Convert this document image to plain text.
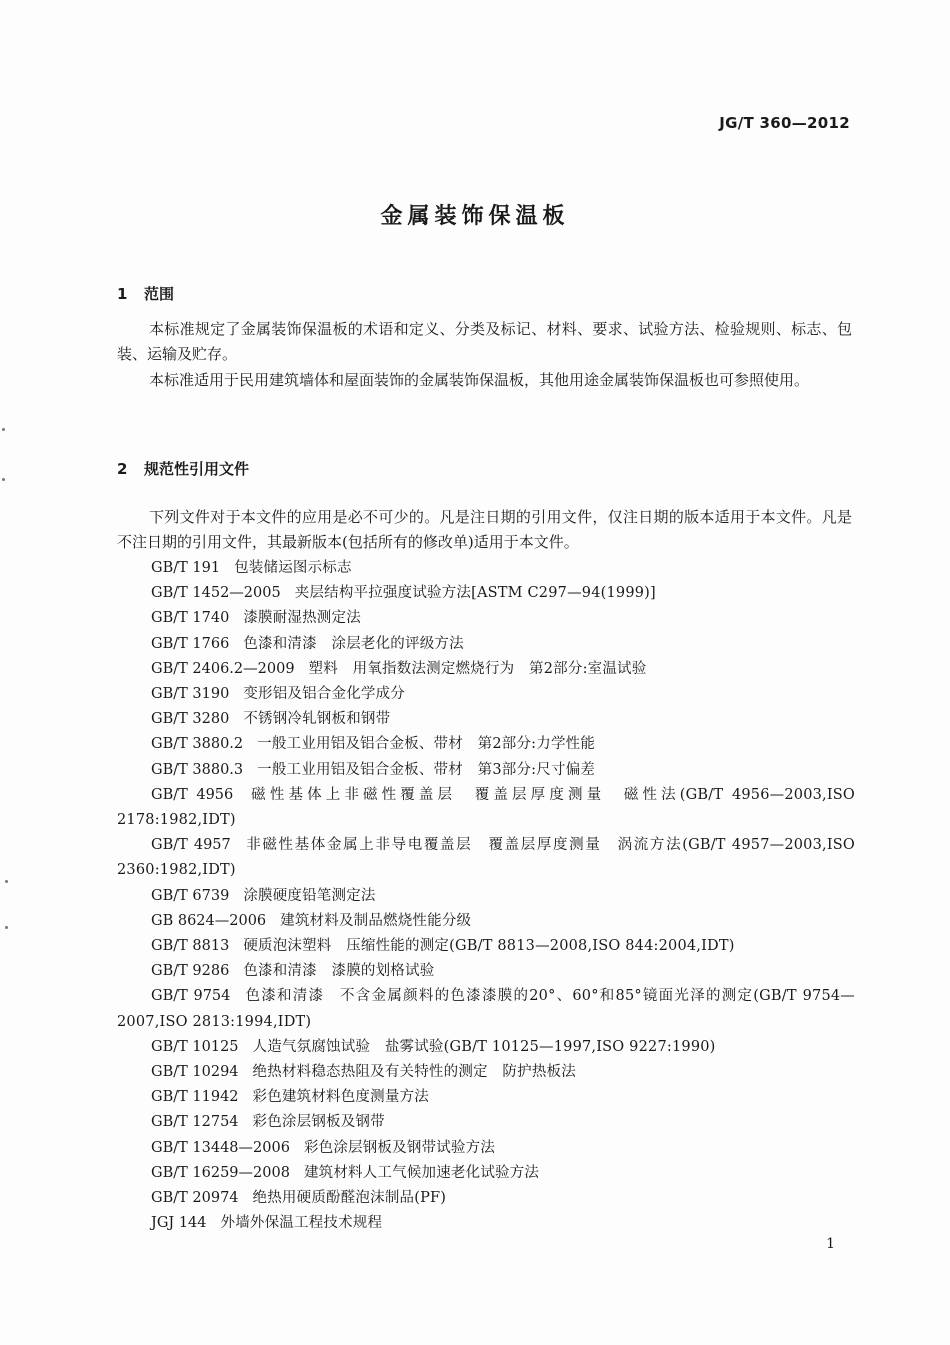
JG/T 360—2012
金属装饰保温板
1 范围

本标准规定了金属装饰保温板的术语和定义、分类及标记、材料、要求、试验方法、检验规则、标志、包装、运输及贮存。

本标准适用于民用建筑墙体和屋面装饰的金属装饰保温板，其他用途金属装饰保温板也可参照使用。

2 规范性引用文件

下列文件对于本文件的应用是必不可少的。凡是注日期的引用文件，仅注日期的版本适用于本文件。凡是不注日期的引用文件，其最新版本(包括所有的修改单)适用于本文件。

GB/T 191 包装储运图示标志
GB/T 1452—2005 夹层结构平拉强度试验方法[ASTM C297—94(1999)]
GB/T 1740 漆膜耐湿热测定法
GB/T 1766 色漆和清漆　涂层老化的评级方法
GB/T 2406.2—2009 塑料　用氧指数法测定燃烧行为　第2部分:室温试验
GB/T 3190 变形铝及铝合金化学成分
GB/T 3280 不锈钢冷轧钢板和钢带
GB/T 3880.2 一般工业用铝及铝合金板、带材　第2部分:力学性能
GB/T 3880.3 一般工业用铝及铝合金板、带材　第3部分:尺寸偏差
GB/T 4956 磁性基体上非磁性覆盖层　覆盖层厚度测量　磁性法(GB/T 4956—2003,ISO 2178:1982,IDT)
GB/T 4957 非磁性基体金属上非导电覆盖层　覆盖层厚度测量　涡流方法(GB/T 4957—2003,ISO 2360:1982,IDT)
GB/T 6739 涂膜硬度铅笔测定法
GB 8624—2006 建筑材料及制品燃烧性能分级
GB/T 8813 硬质泡沫塑料　压缩性能的测定(GB/T 8813—2008,ISO 844:2004,IDT)
GB/T 9286 色漆和清漆　漆膜的划格试验
GB/T 9754 色漆和清漆　不含金属颜料的色漆漆膜的20°、60°和85°镜面光泽的测定(GB/T 9754—2007,ISO 2813:1994,IDT)
GB/T 10125 人造气氛腐蚀试验　盐雾试验(GB/T 10125—1997,ISO 9227:1990)
GB/T 10294 绝热材料稳态热阻及有关特性的测定　防护热板法
GB/T 11942 彩色建筑材料色度测量方法
GB/T 12754 彩色涂层钢板及钢带
GB/T 13448—2006 彩色涂层钢板及钢带试验方法
GB/T 16259—2008 建筑材料人工气候加速老化试验方法
GB/T 20974 绝热用硬质酚醛泡沫制品(PF)
JGJ 144 外墙外保温工程技术规程
1
